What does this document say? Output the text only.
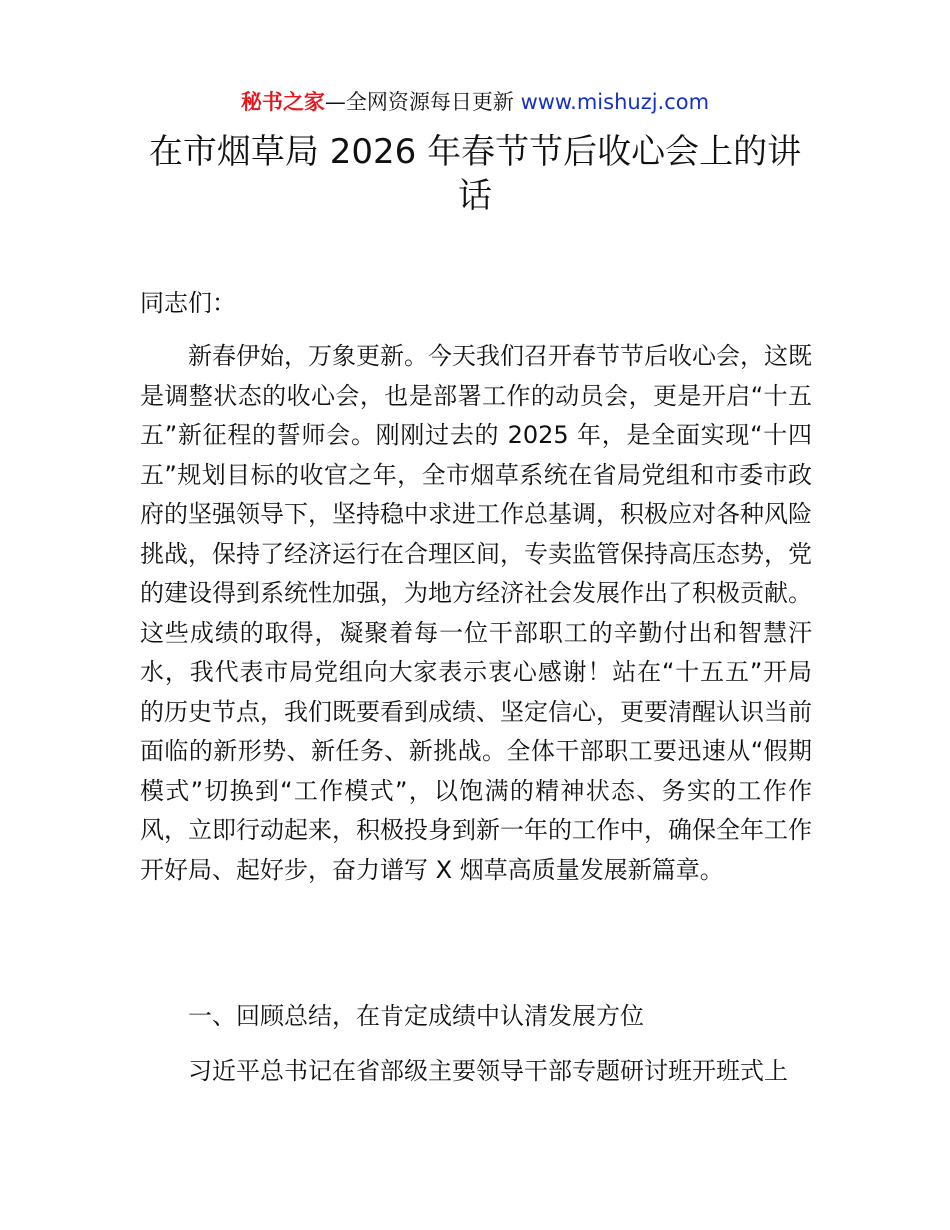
秘书之家—全网资源每日更新 www.mishuzj.com
在市烟草局 2026 年春节节后收心会上的讲话
同志们：
新春伊始，万象更新。今天我们召开春节节后收心会，这既是调整状态的收心会，也是部署工作的动员会，更是开启“十五五”新征程的誓师会。刚刚过去的 2025 年，是全面实现“十四五”规划目标的收官之年，全市烟草系统在省局党组和市委市政府的坚强领导下，坚持稳中求进工作总基调，积极应对各种风险挑战，保持了经济运行在合理区间，专卖监管保持高压态势，党的建设得到系统性加强，为地方经济社会发展作出了积极贡献。这些成绩的取得，凝聚着每一位干部职工的辛勤付出和智慧汗水，我代表市局党组向大家表示衷心感谢！站在“十五五”开局的历史节点，我们既要看到成绩、坚定信心，更要清醒认识当前面临的新形势、新任务、新挑战。全体干部职工要迅速从“假期模式”切换到“工作模式”，以饱满的精神状态、务实的工作作风，立即行动起来，积极投身到新一年的工作中，确保全年工作开好局、起好步，奋力谱写 X 烟草高质量发展新篇章。
一、回顾总结，在肯定成绩中认清发展方位
习近平总书记在省部级主要领导干部专题研讨班开班式上
